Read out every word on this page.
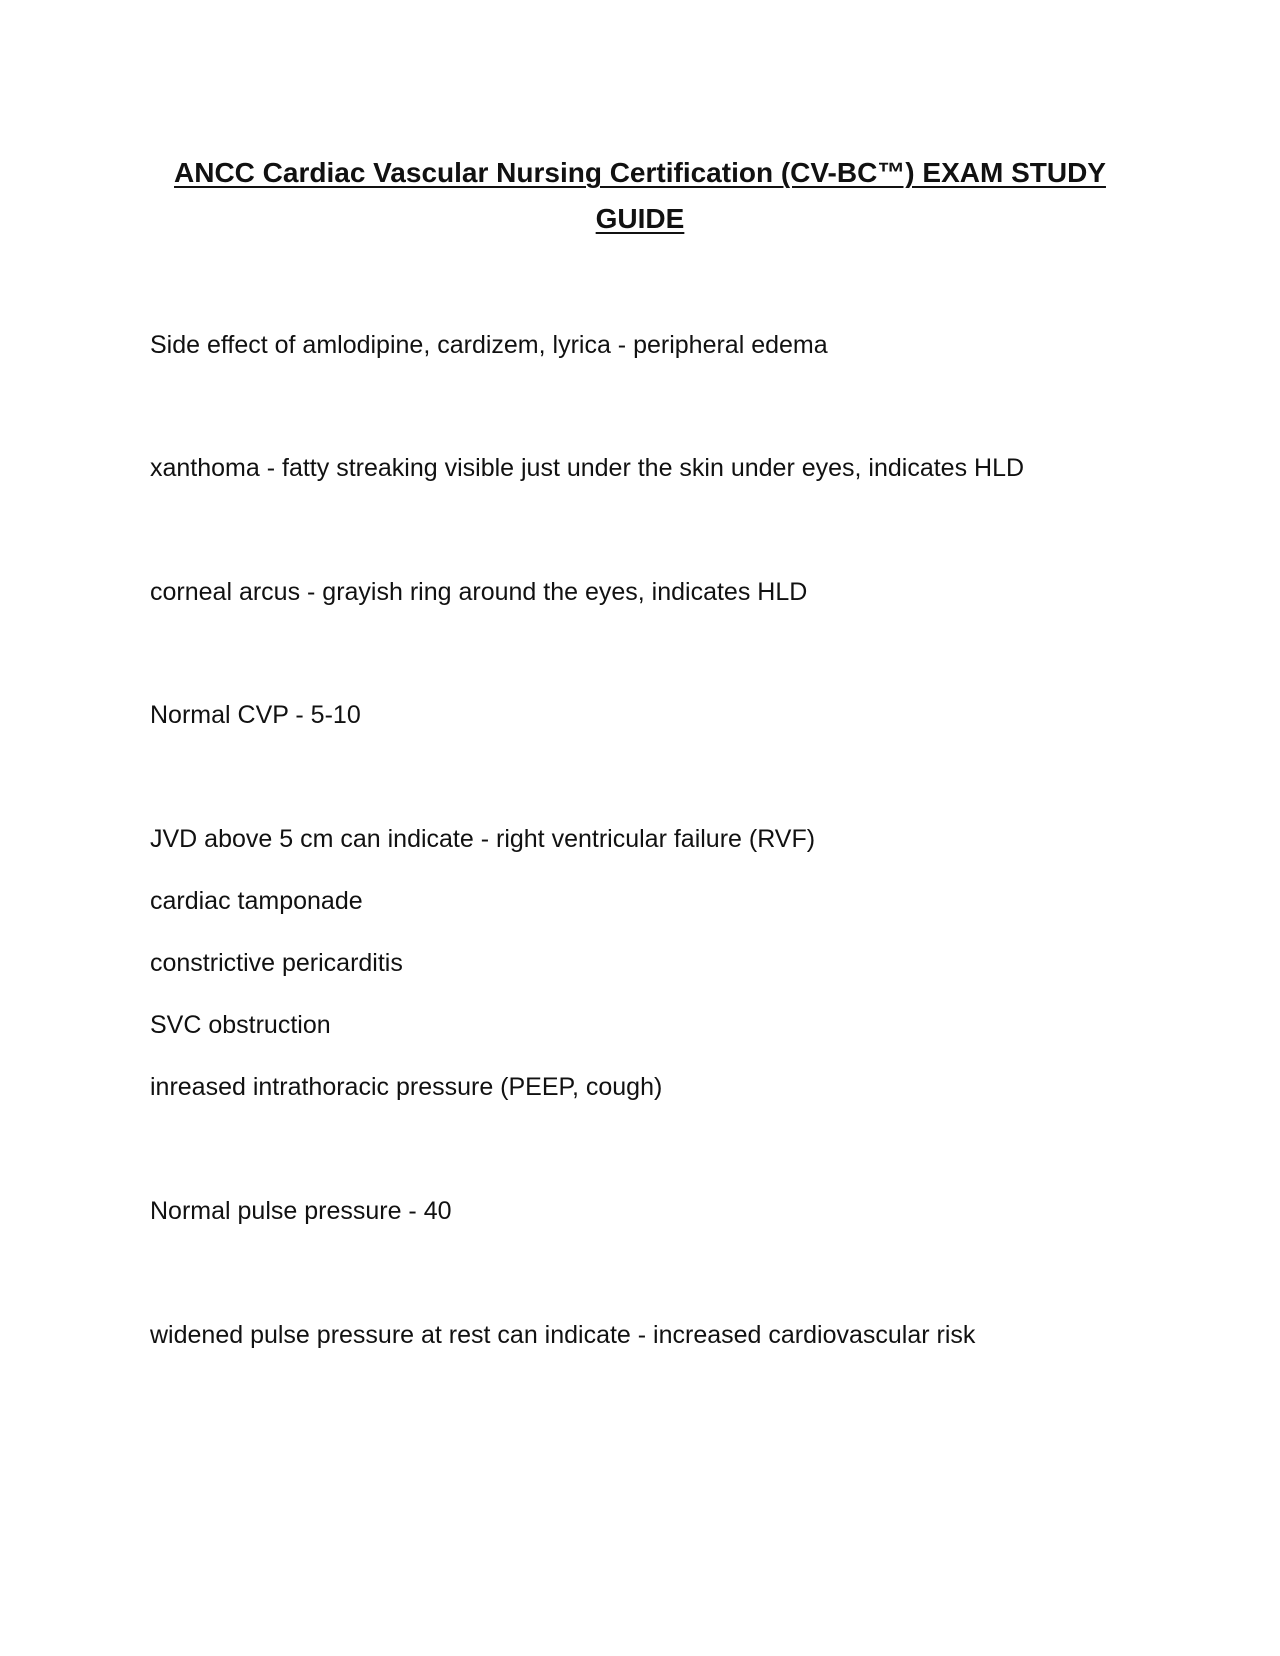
ANCC Cardiac Vascular Nursing Certification (CV-BC™) EXAM STUDY GUIDE
Side effect of amlodipine, cardizem, lyrica - peripheral edema
xanthoma - fatty streaking visible just under the skin under eyes, indicates HLD
corneal arcus - grayish ring around the eyes, indicates HLD
Normal CVP - 5-10
JVD above 5 cm can indicate - right ventricular failure (RVF)
cardiac tamponade
constrictive pericarditis
SVC obstruction
inreased intrathoracic pressure (PEEP, cough)
Normal pulse pressure - 40
widened pulse pressure at rest can indicate - increased cardiovascular risk
